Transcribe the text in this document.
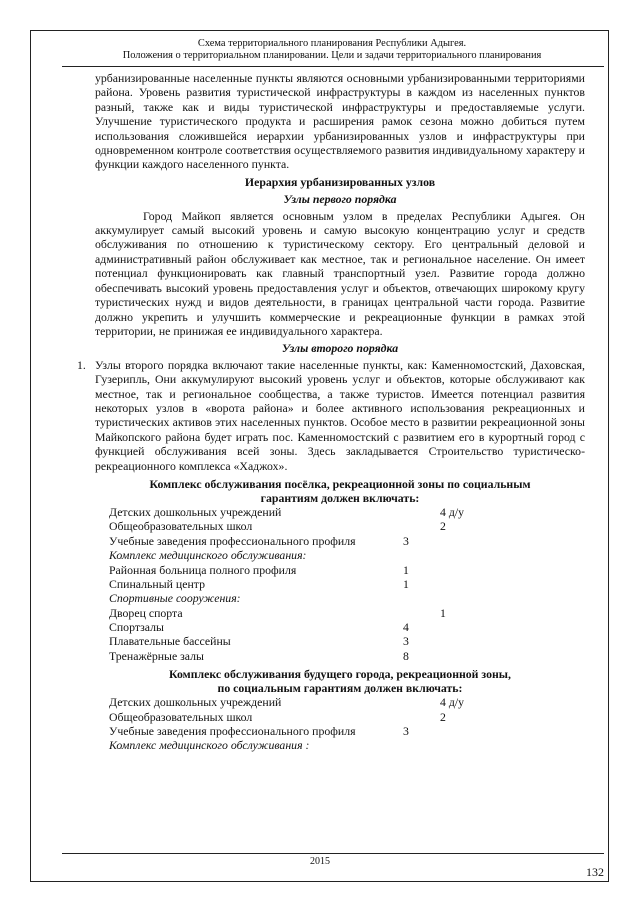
Схема территориального планирования Республики Адыгея.
Положения о территориальном планировании. Цели и задачи территориального планирования

урбанизированные населенные пункты являются основными урбанизированными территориями района. Уровень развития туристической инфраструктуры в каждом из населенных пунктов разный, также как и виды туристической инфраструктуры и предоставляемые услуги. Улучшение туристического продукта и расширения рамок сезона можно добиться путем использования сложившейся иерархии урбанизированных узлов и инфраструктуры при одновременном контроле соответствия осуществляемого развития индивидуальному характеру и функции каждого населенного пункта.

Иерархия урбанизированных узлов
Узлы первого порядка

Город Майкоп является основным узлом в пределах Республики Адыгея. Он аккумулирует самый высокий уровень и самую высокую концентрацию услуг и средств обслуживания по отношению к туристическому сектору. Его центральный деловой и административный район обслуживает как местное, так и региональное население. Он имеет потенциал функционировать как главный транспортный узел. Развитие города должно обеспечивать высокий уровень предоставления услуг и объектов, отвечающих широкому кругу туристических нужд и видов деятельности, в границах центральной части города. Развитие должно укрепить и улучшить коммерческие и рекреационные функции в рамках этой территории, не принижая ее индивидуального характера.

Узлы второго порядка
1. Узлы второго порядка включают такие населенные пункты, как: Каменномостский, Даховская, Гузерипль, Они аккумулируют высокий уровень услуг и объектов, которые обслуживают как местное, так и региональное сообщества, а также туристов. Имеется потенциал развития некоторых узлов в «ворота района» и более активного использования рекреационных и туристических активов этих населенных пунктов. Особое место в развитии рекреационной зоны Майкопского района будет играть пос. Каменномостский с развитием его в курортный город с функцией обслуживания всей зоны. Здесь закладывается Строительство туристическо-рекреационного комплекса «Хаджох».

Комплекс обслуживания посёлка, рекреационной зоны по социальным
гарантиям должен включать:
Детских дошкольных учреждений	4 д/у
Общеобразовательных школ	2
Учебные заведения профессионального профиля	3
Комплекс медицинского обслуживания:
Районная больница полного профиля	1
Спинальный центр	1
Спортивные сооружения:
Дворец спорта	1
Спортзалы	4
Плавательные бассейны	3
Тренажёрные залы	8
Комплекс обслуживания будущего города, рекреационной зоны,
по социальным гарантиям должен включать:
Детских дошкольных учреждений	4 д/у
Общеобразовательных школ	2
Учебные заведения профессионального профиля	3
Комплекс медицинского обслуживания :
2015
132
